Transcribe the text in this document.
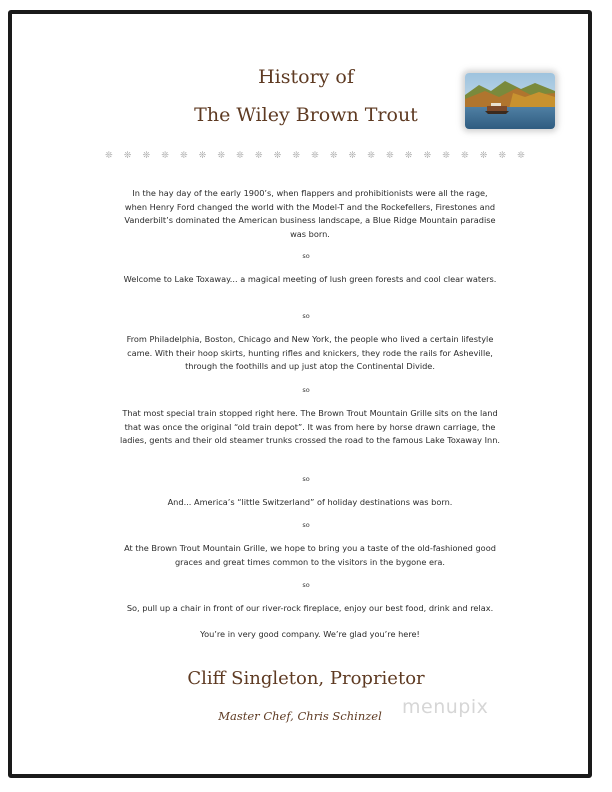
History of
The Wiley Brown Trout
❊ ❊ ❊ ❊ ❊ ❊ ❊ ❊ ❊ ❊ ❊ ❊ ❊ ❊ ❊ ❊ ❊ ❊ ❊ ❊ ❊ ❊ ❊
In the hay day of the early 1900’s, when flappers and prohibitionists were all the rage, when Henry Ford changed the world with the Model-T and the Rockefellers, Firestones and Vanderbilt’s dominated the American business landscape, a Blue Ridge Mountain paradise was born.
so
Welcome to Lake Toxaway... a magical meeting of lush green forests and cool clear waters.
so
From Philadelphia, Boston, Chicago and New York, the people who lived a certain lifestyle came. With their hoop skirts, hunting rifles and knickers, they rode the rails for Asheville, through the foothills and up just atop the Continental Divide.
so
That most special train stopped right here. The Brown Trout Mountain Grille sits on the land that was once the original “old train depot”. It was from here by horse drawn carriage, the ladies, gents and their old steamer trunks crossed the road to the famous Lake Toxaway Inn.
so
And... America’s “little Switzerland” of holiday destinations was born.
so
At the Brown Trout Mountain Grille, we hope to bring you a taste of the old-fashioned good graces and great times common to the visitors in the bygone era.
so
So, pull up a chair in front of our river-rock fireplace, enjoy our best food, drink and relax.
You’re in very good company. We’re glad you’re here!
Cliff Singleton, Proprietor
Master Chef, Chris Schinzel	menupix
